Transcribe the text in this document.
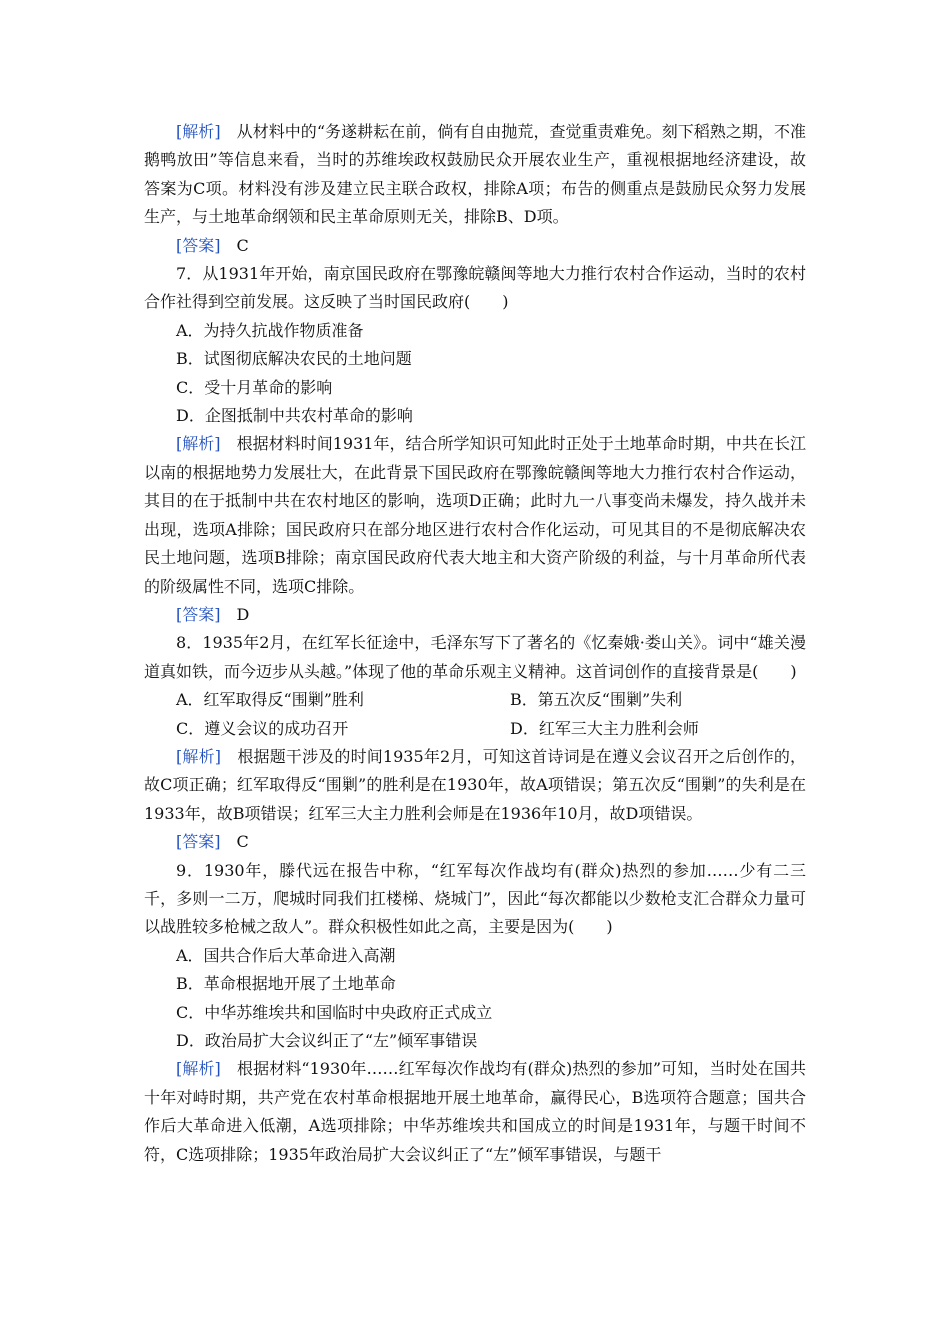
[解析]　 从材料中的“务遂耕耘在前，倘有自由抛荒，查觉重责难免。刻下稻熟之期，不准鹅鸭放田”等信息来看，当时的苏维埃政权鼓励民众开展农业生产，重视根据地经济建设，故答案为C项。材料没有涉及建立民主联合政权，排除A项；布告的侧重点是鼓励民众努力发展生产，与土地革命纲领和民主革命原则无关，排除B、D项。

[答案]　 C

7．从1931年开始，南京国民政府在鄂豫皖赣闽等地大力推行农村合作运动，当时的农村合作社得到空前发展。这反映了当时国民政府(　　)

A．为持久抗战作物质准备

B．试图彻底解决农民的土地问题

C．受十月革命的影响

D．企图抵制中共农村革命的影响

[解析]　 根据材料时间1931年，结合所学知识可知此时正处于土地革命时期，中共在长江以南的根据地势力发展壮大，在此背景下国民政府在鄂豫皖赣闽等地大力推行农村合作运动，其目的在于抵制中共在农村地区的影响，选项D正确；此时九一八事变尚未爆发，持久战并未出现，选项A排除；国民政府只在部分地区进行农村合作化运动，可见其目的不是彻底解决农民土地问题，选项B排除；南京国民政府代表大地主和大资产阶级的利益，与十月革命所代表的阶级属性不同，选项C排除。

[答案]　 D

8．1935年2月，在红军长征途中，毛泽东写下了著名的《忆秦娥·娄山关》。词中“雄关漫道真如铁，而今迈步从头越。”体现了他的革命乐观主义精神。这首词创作的直接背景是(　　)

A．红军取得反“围剿”胜利	B．第五次反“围剿”失利
C．遵义会议的成功召开	D．红军三大主力胜利会师

[解析]　 根据题干涉及的时间1935年2月，可知这首诗词是在遵义会议召开之后创作的，故C项正确；红军取得反“围剿”的胜利是在1930年，故A项错误；第五次反“围剿”的失利是在1933年，故B项错误；红军三大主力胜利会师是在1936年10月，故D项错误。

[答案]　 C

9．1930年，滕代远在报告中称，“红军每次作战均有(群众)热烈的参加……少有二三千，多则一二万，爬城时同我们扛楼梯、烧城门”，因此“每次都能以少数枪支汇合群众力量可以战胜较多枪械之敌人”。群众积极性如此之高，主要是因为(　　)

A．国共合作后大革命进入高潮

B．革命根据地开展了土地革命

C．中华苏维埃共和国临时中央政府正式成立

D．政治局扩大会议纠正了“左”倾军事错误

[解析]　 根据材料“1930年……红军每次作战均有(群众)热烈的参加”可知，当时处在国共十年对峙时期，共产党在农村革命根据地开展土地革命，赢得民心，B选项符合题意；国共合作后大革命进入低潮，A选项排除；中华苏维埃共和国成立的时间是1931年，与题干时间不符，C选项排除；1935年政治局扩大会议纠正了“左”倾军事错误，与题干
